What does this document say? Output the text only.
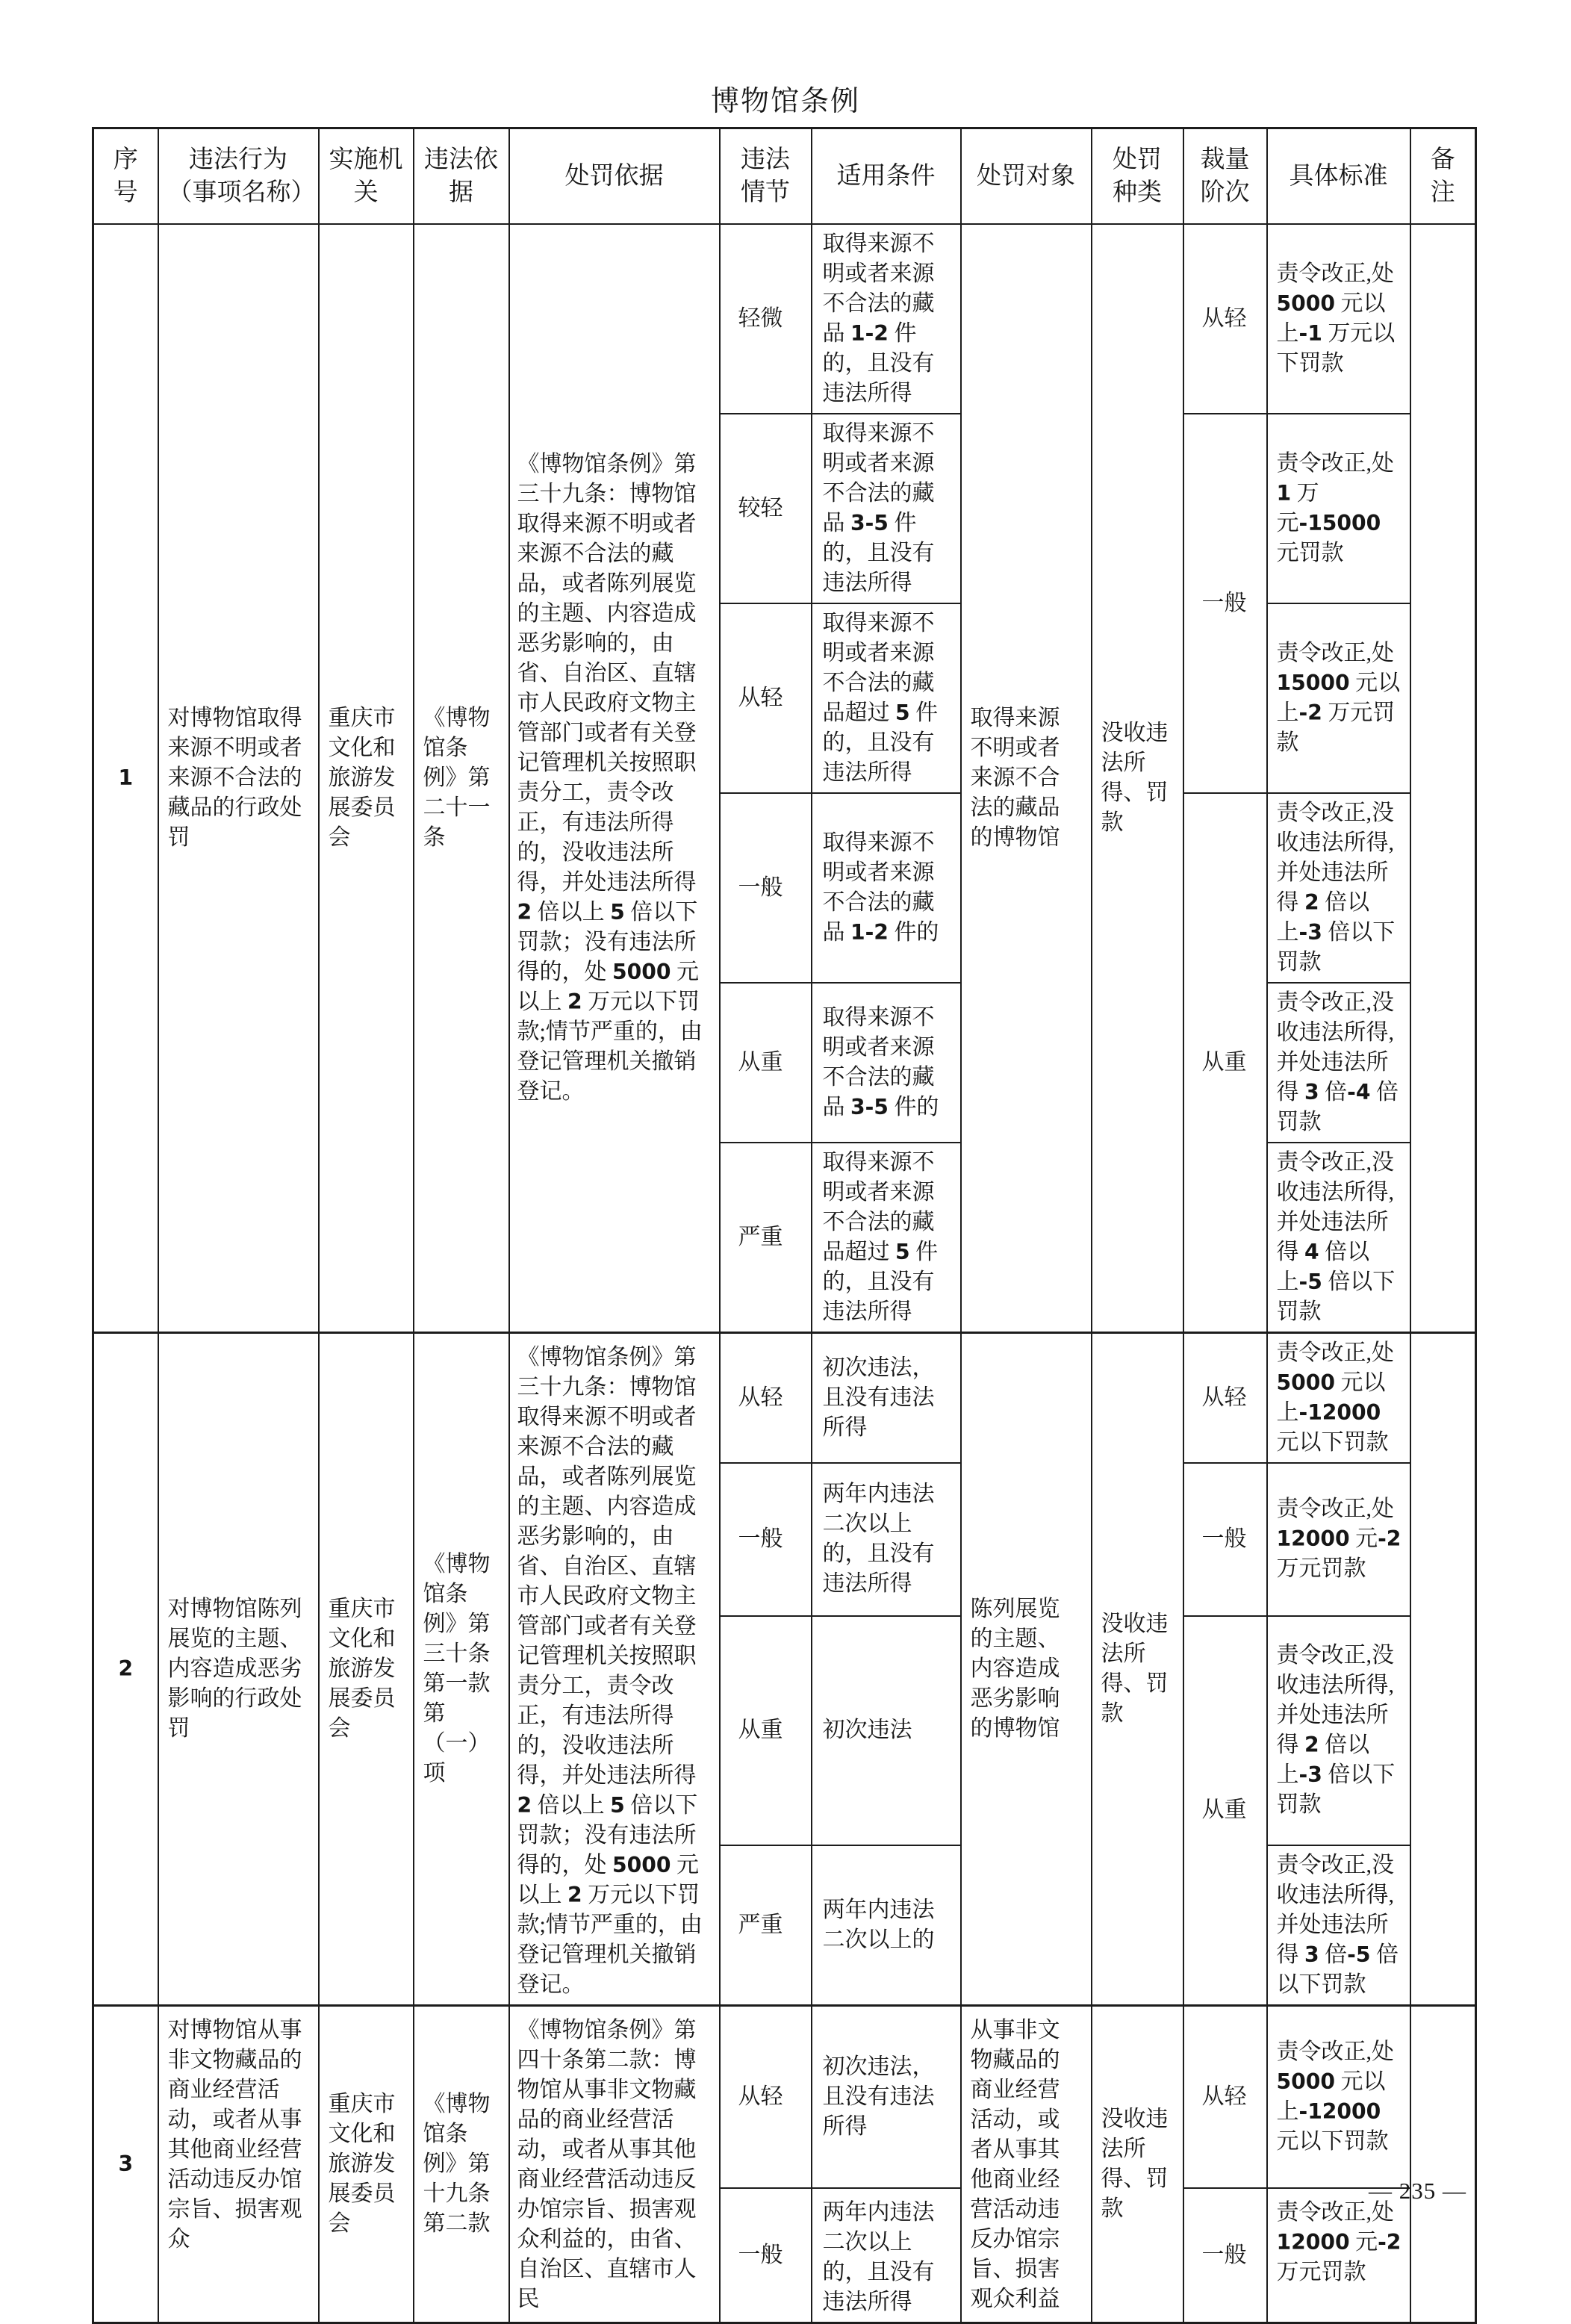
博物馆条例
序号	违法行为（事项名称）	实施机关	违法依据	处罚依据	违法情节	适用条件	处罚对象	处罚种类	裁量阶次	具体标准	备注
1	对博物馆取得来源不明或者来源不合法的藏品的行政处罚	重庆市文化和旅游发展委员会	《博物馆条例》第二十一条	《博物馆条例》第三十九条：博物馆取得来源不明或者来源不合法的藏品，或者陈列展览的主题、内容造成恶劣影响的，由省、自治区、直辖市人民政府文物主管部门或者有关登记管理机关按照职责分工，责令改正，有违法所得的，没收违法所得，并处违法所得 2 倍以上 5 倍以下罚款；没有违法所得的，处 5000 元以上 2 万元以下罚款;情节严重的，由登记管理机关撤销登记。	轻微	取得来源不明或者来源不合法的藏品 1-2 件的，且没有违法所得	取得来源不明或者来源不合法的藏品的博物馆	没收违法所得、罚款	从轻	责令改正,处5000 元以上-1 万元以下罚款	
					较轻	取得来源不明或者来源不合法的藏品 3-5 件的，且没有违法所得			一般	责令改正,处1 万元-15000 元罚款	
					从轻	取得来源不明或者来源不合法的藏品超过 5 件的，且没有违法所得				责令改正,处15000 元以上-2 万元罚款	
					一般	取得来源不明或者来源不合法的藏品 1-2 件的			从重	责令改正,没收违法所得,并处违法所得 2 倍以上-3 倍以下罚款	
					从重	取得来源不明或者来源不合法的藏品 3-5 件的				责令改正,没收违法所得,并处违法所得 3 倍-4 倍罚款	
					严重	取得来源不明或者来源不合法的藏品超过 5 件的，且没有违法所得				责令改正,没收违法所得,并处违法所得 4 倍以上-5 倍以下罚款	
2	对博物馆陈列展览的主题、内容造成恶劣影响的行政处罚	重庆市文化和旅游发展委员会	《博物馆条例》第三十条第一款第（一）项	《博物馆条例》第三十九条：博物馆取得来源不明或者来源不合法的藏品，或者陈列展览的主题、内容造成恶劣影响的，由省、自治区、直辖市人民政府文物主管部门或者有关登记管理机关按照职责分工，责令改正，有违法所得的，没收违法所得，并处违法所得 2 倍以上 5 倍以下罚款；没有违法所得的，处 5000 元以上 2 万元以下罚款;情节严重的，由登记管理机关撤销登记。	从轻	初次违法，且没有违法所得	陈列展览的主题、内容造成恶劣影响的博物馆	没收违法所得、罚款	从轻	责令改正,处5000 元以上-12000 元以下罚款	
					一般	两年内违法二次以上的，且没有违法所得			一般	责令改正,处12000 元-2 万元罚款	
					从重	初次违法			从重	责令改正,没收违法所得,并处违法所得 2 倍以上-3 倍以下罚款	
					严重	两年内违法二次以上的				责令改正,没收违法所得,并处违法所得 3 倍-5 倍以下罚款	
3	对博物馆从事非文物藏品的商业经营活动，或者从事其他商业经营活动违反办馆宗旨、损害观众	重庆市文化和旅游发展委员会	《博物馆条例》第十九条第二款	《博物馆条例》第四十条第二款：博物馆从事非文物藏品的商业经营活动，或者从事其他商业经营活动违反办馆宗旨、损害观众利益的，由省、自治区、直辖市人民	从轻	初次违法，且没有违法所得	从事非文物藏品的商业经营活动，或者从事其他商业经营活动违反办馆宗旨、损害观众利益	没收违法所得、罚款	从轻	责令改正,处5000 元以上-12000 元以下罚款	
					一般	两年内违法二次以上的，且没有违法所得			一般	责令改正,处12000 元-2 万元罚款	
— 235 —
